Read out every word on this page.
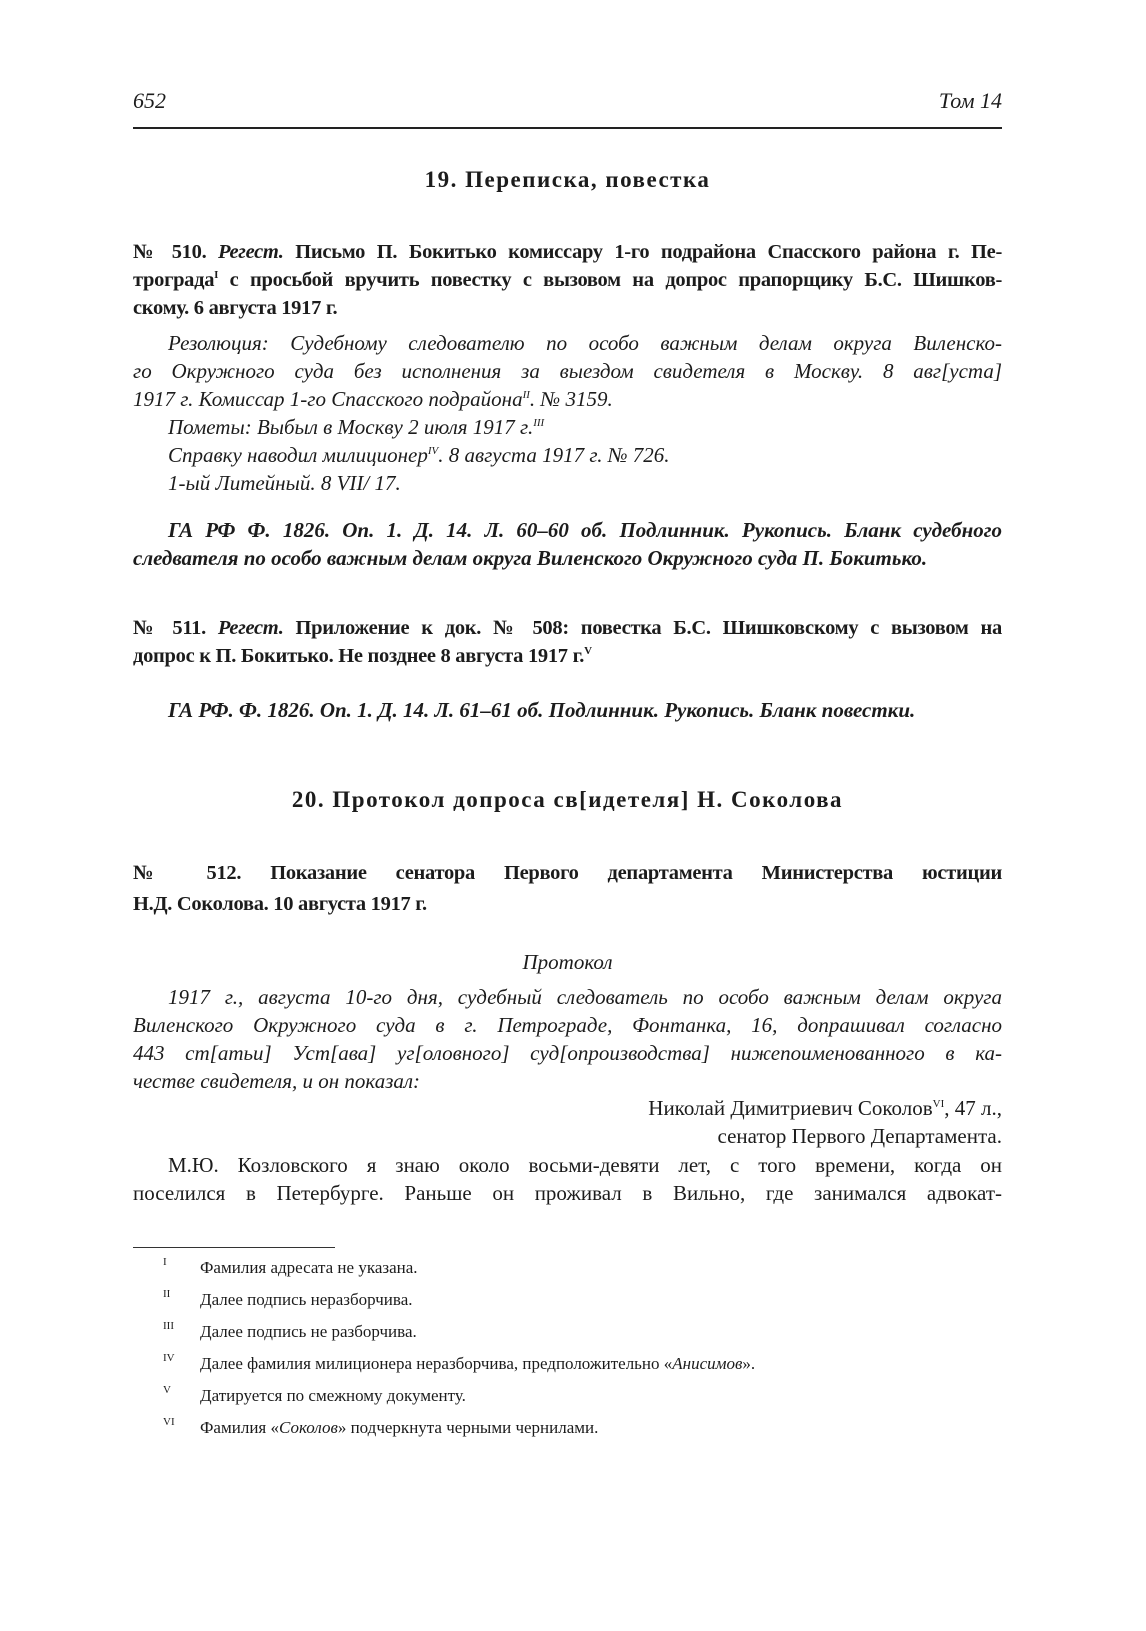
652	Том 14
19. Переписка, повестка
№ 510. Регест. Письмо П. Бокитько комиссару 1-го подрайона Спасского района г. Пе-
трограда$^I$ с просьбой вручить повестку с вызовом на допрос прапорщику Б.С. Шишков-
скому. 6 августа 1917 г.
Резолюция: Судебному следователю по особо важным делам округа Виленско-
го Окружного суда без исполнения за выездом свидетеля в Москву. 8 авг[уста]
1917 г. Комиссар 1-го Спасского подрайона$^{II}$. № 3159.
Пометы: Выбыл в Москву 2 июля 1917 г.$^{III}$
Справку наводил милиционер$^{IV}$. 8 августа 1917 г. № 726.
1-ый Литейный. 8 VII/ 17.
ГА РФ Ф. 1826. Оп. 1. Д. 14. Л. 60–60 об. Подлинник. Рукопись. Бланк судебного
следвателя по особо важным делам округа Виленского Окружного суда П. Бокитько.
№ 511. Регест. Приложение к док. № 508: повестка Б.С. Шишковскому с вызовом на
допрос к П. Бокитько. Не позднее 8 августа 1917 г.$^V$
ГА РФ. Ф. 1826. Оп. 1. Д. 14. Л. 61–61 об. Подлинник. Рукопись. Бланк повестки.
20. Протокол допроса св[идетеля] Н. Соколова
№ 512. Показание сенатора Первого департамента Министерства юстиции
Н.Д. Соколова. 10 августа 1917 г.
Протокол
1917 г., августа 10-го дня, судебный следователь по особо важным делам округа
Виленского Окружного суда в г. Петрограде, Фонтанка, 16, допрашивал согласно
443 ст[атьи] Уст[ава] уг[оловного] суд[опроизводства] нижепоименованного в ка-
честве свидетеля, и он показал:
Николай Димитриевич Соколов$^{VI}$, 47 л.,
сенатор Первого Департамента.
М.Ю. Козловского я знаю около восьми-девяти лет, с того времени, когда он
поселился в Петербурге. Раньше он проживал в Вильно, где занимался адвокат-
I Фамилия адресата не указана.
II Далее подпись неразборчива.
III Далее подпись не разборчива.
IV Далее фамилия милиционера неразборчива, предположительно «Анисимов».
V Датируется по смежному документу.
VI Фамилия «Соколов» подчеркнута черными чернилами.
